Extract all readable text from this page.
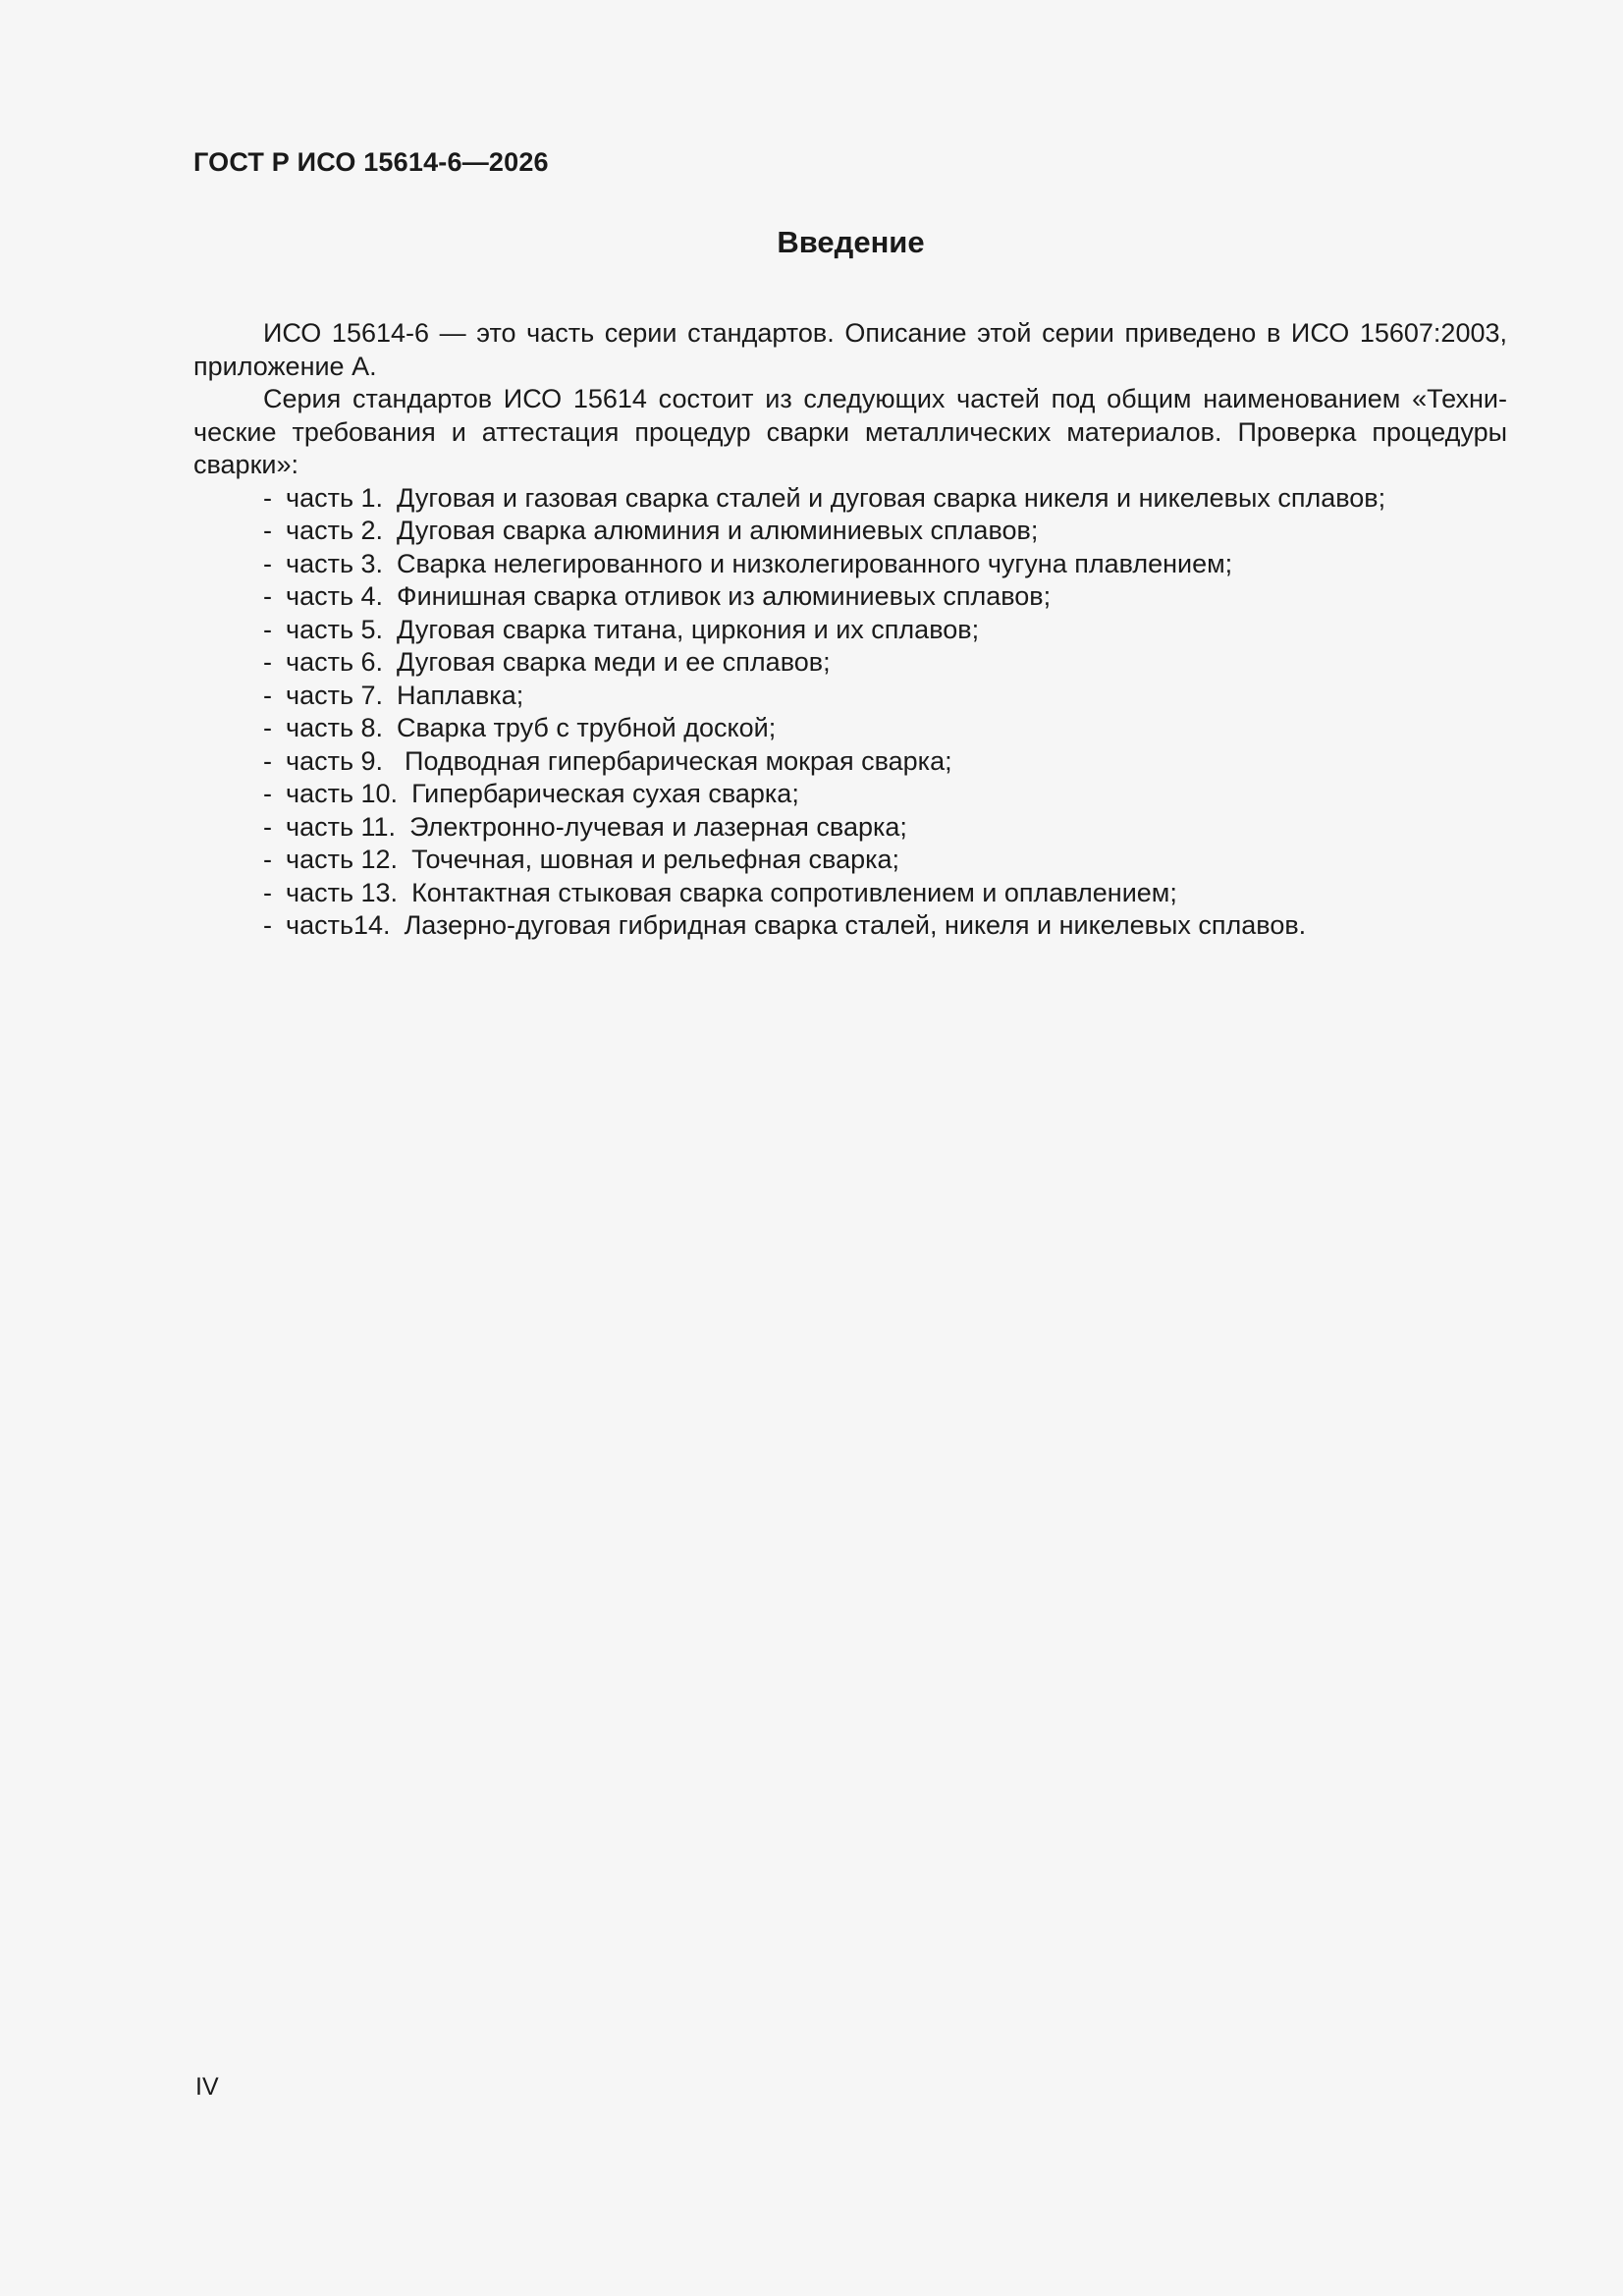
ГОСТ Р ИСО 15614-6—2026
Введение

ИСО 15614-6 — это часть серии стандартов. Описание этой серии приведено в ИСО 15607:2003, приложение А.

Серия стандартов ИСО 15614 состоит из следующих частей под общим наименованием «Технические требования и аттестация процедур сварки металлических материалов. Проверка процедуры сварки»:

- часть 1. Дуговая и газовая сварка сталей и дуговая сварка никеля и никелевых сплавов;
- часть 2. Дуговая сварка алюминия и алюминиевых сплавов;
- часть 3. Сварка нелегированного и низколегированного чугуна плавлением;
- часть 4. Финишная сварка отливок из алюминиевых сплавов;
- часть 5. Дуговая сварка титана, циркония и их сплавов;
- часть 6. Дуговая сварка меди и ее сплавов;
- часть 7. Наплавка;
- часть 8. Сварка труб с трубной доской;
- часть 9. Подводная гипербарическая мокрая сварка;
- часть 10. Гипербарическая сухая сварка;
- часть 11. Электронно-лучевая и лазерная сварка;
- часть 12. Точечная, шовная и рельефная сварка;
- часть 13. Контактная стыковая сварка сопротивлением и оплавлением;
- часть14. Лазерно-дуговая гибридная сварка сталей, никеля и никелевых сплавов.
IV
